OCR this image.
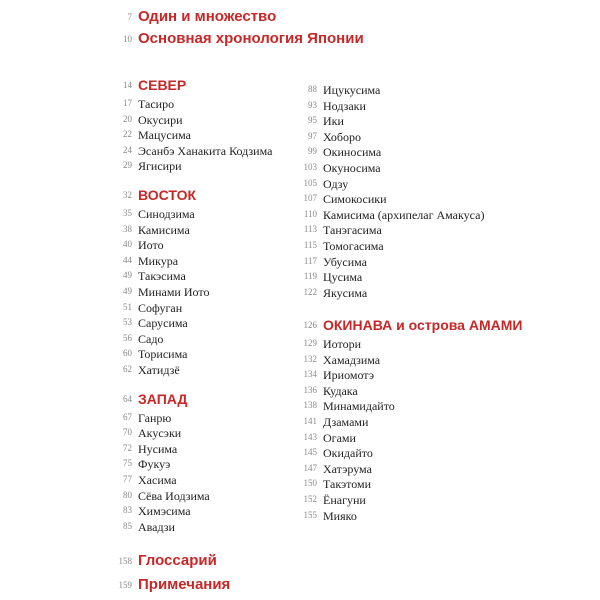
7 Один и множество
10 Основная хронология Японии
14 СЕВЕР
17 Тасиро
20 Окусири
22 Мацусима
24 Эсанбэ Ханакита Кодзима
29 Ягисири
32 ВОСТОК
35 Синодзима
38 Камисима
40 Иото
44 Микура
49 Такэсима
49 Минами Иото
51 Софуган
53 Сарусима
56 Садо
60 Торисима
62 Хатидзё
64 ЗАПАД
67 Ганрю
70 Акусэки
72 Нусима
75 Фукуэ
77 Хасима
80 Сёва Иодзима
83 Химэсима
85 Авадзи
88 Ицукусима
93 Нодзаки
95 Ики
97 Хоборо
99 Окиносима
103 Окуносима
105 Одзу
107 Симокосики
110 Камисима (архипелаг Амакуса)
113 Танэгасима
115 Томогасима
117 Убусима
119 Цусима
122 Якусима
126 ОКИНАВА и острова АМАМИ
129 Иотори
132 Хамадзима
134 Ириомотэ
136 Кудака
138 Минамидайто
141 Дзамами
143 Огами
145 Окидайто
147 Хатэрума
150 Такэтоми
152 Ёнагуни
155 Мияко
158 Глоссарий
159 Примечания
